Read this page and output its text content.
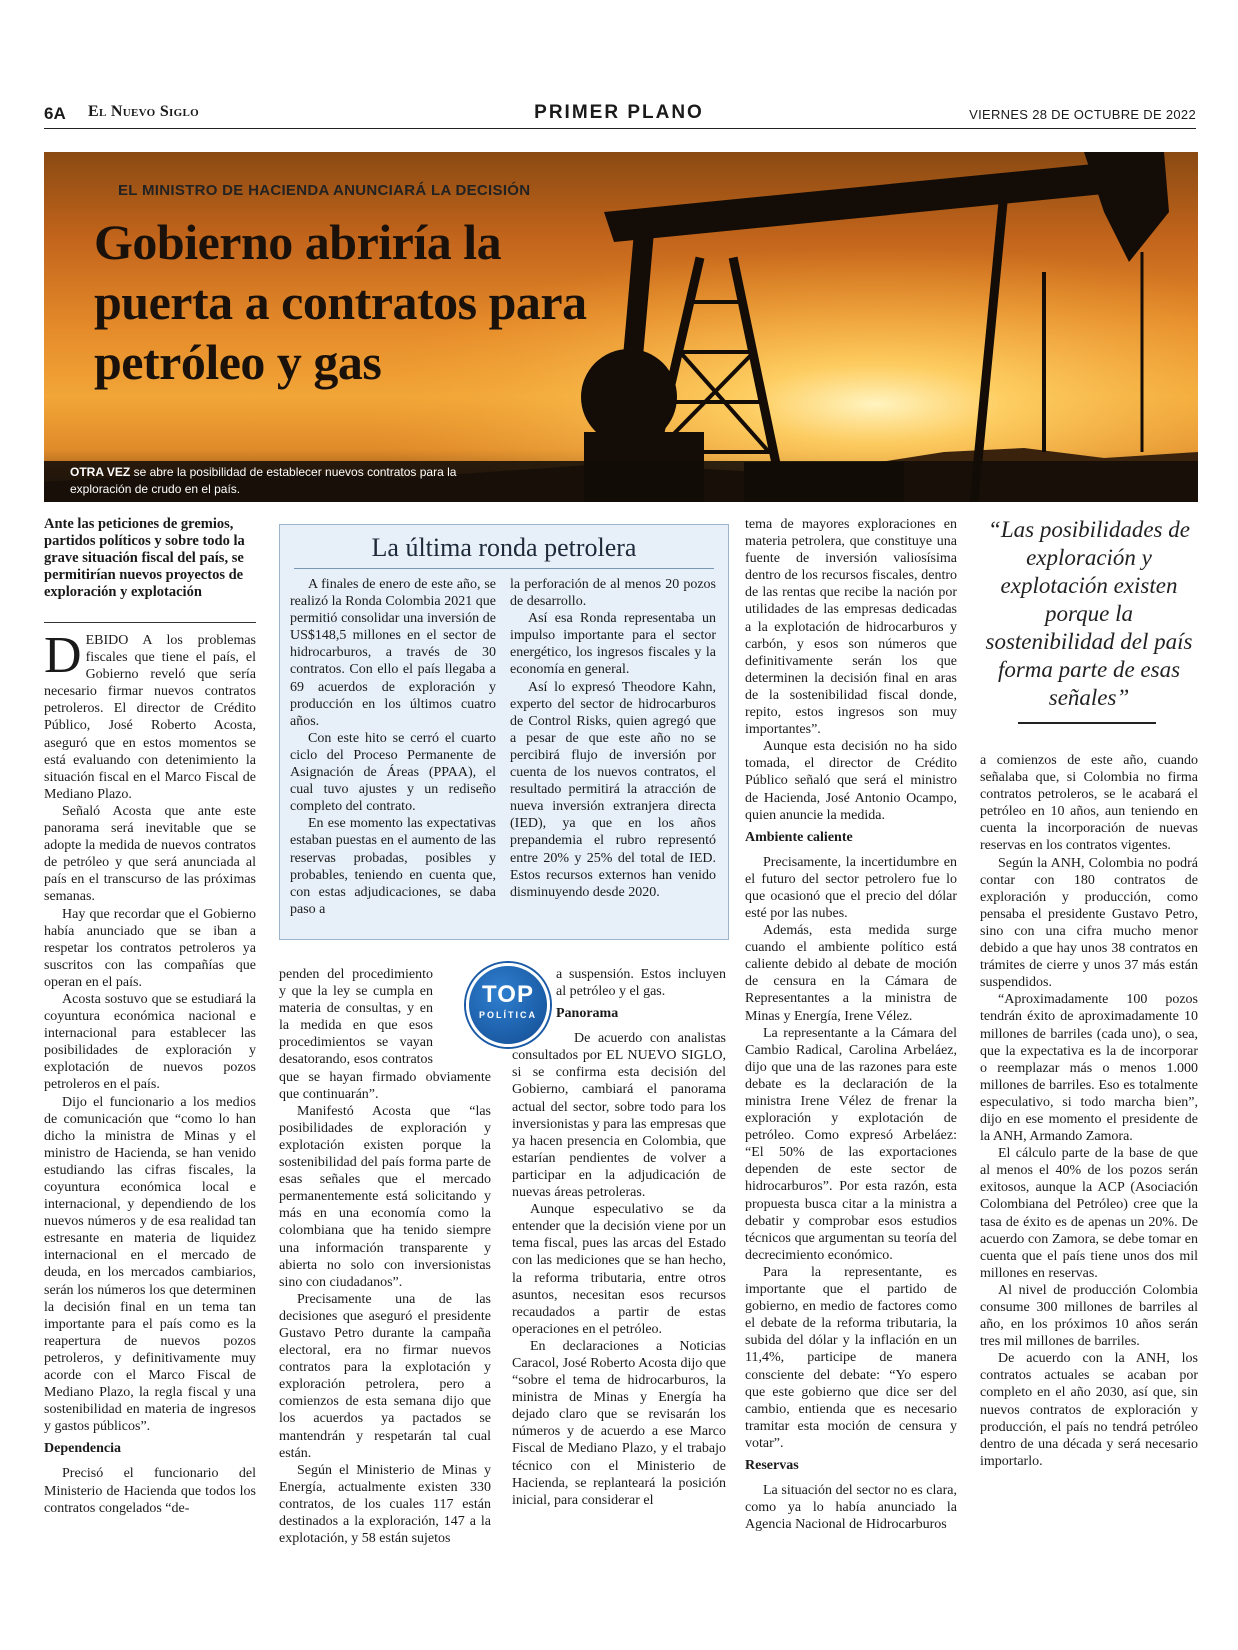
6A El Nuevo Siglo	PRIMER PLANO	VIERNES 28 DE OCTUBRE DE 2022
EL MINISTRO DE HACIENDA ANUNCIARÁ LA DECISIÓN
Gobierno abriría la puerta a contratos para petróleo y gas
OTRA VEZ se abre la posibilidad de establecer nuevos contratos para la exploración de crudo en el país.
Ante las peticiones de gremios, partidos políticos y sobre todo la grave situación fiscal del país, se permitirían nuevos proyectos de exploración y explotación

DEBIDO A los problemas fiscales que tiene el país, el Gobierno reveló que sería necesario firmar nuevos contratos petroleros. El director de Crédito Público, José Roberto Acosta, aseguró que en estos momentos se está evaluando con detenimiento la situación fiscal en el Marco Fiscal de Mediano Plazo.

Señaló Acosta que ante este panorama será inevitable que se adopte la medida de nuevos contratos de petróleo y que será anunciada al país en el transcurso de las próximas semanas.

Hay que recordar que el Gobierno había anunciado que se iban a respetar los contratos petroleros ya suscritos con las compañías que operan en el país.

Acosta sostuvo que se estudiará la coyuntura económica nacional e internacional para establecer las posibilidades de exploración y explotación de nuevos pozos petroleros en el país.

Dijo el funcionario a los medios de comunicación que “como lo han dicho la ministra de Minas y el ministro de Hacienda, se han venido estudiando las cifras fiscales, la coyuntura económica local e internacional, y dependiendo de los nuevos números y de esa realidad tan estresante en materia de liquidez internacional en el mercado de deuda, en los mercados cambiarios, serán los números los que determinen la decisión final en un tema tan importante para el país como es la reapertura de nuevos pozos petroleros, y definitivamente muy acorde con el Marco Fiscal de Mediano Plazo, la regla fiscal y una sostenibilidad en materia de ingresos y gastos públicos”.

Dependencia

Precisó el funcionario del Ministerio de Hacienda que todos los contratos congelados “de-

La última ronda petrolera

A finales de enero de este año, se realizó la Ronda Colombia 2021 que permitió consolidar una inversión de US$148,5 millones en el sector de hidrocarburos, a través de 30 contratos. Con ello el país llegaba a 69 acuerdos de exploración y producción en los últimos cuatro años.

Con este hito se cerró el cuarto ciclo del Proceso Permanente de Asignación de Áreas (PPAA), el cual tuvo ajustes y un rediseño completo del contrato.

En ese momento las expectativas estaban puestas en el aumento de las reservas probadas, posibles y probables, teniendo en cuenta que, con estas adjudicaciones, se daba paso a

la perforación de al menos 20 pozos de desarrollo.

Así esa Ronda representaba un impulso importante para el sector energético, los ingresos fiscales y la economía en general.

Así lo expresó Theodore Kahn, experto del sector de hidrocarburos de Control Risks, quien agregó que a pesar de que este año no se percibirá flujo de inversión por cuenta de los nuevos contratos, el resultado permitirá la atracción de nueva inversión extranjera directa (IED), ya que en los años prepandemia el rubro representó entre 20% y 25% del total de IED. Estos recursos externos han venido disminuyendo desde 2020.

penden del procedimiento y que la ley se cumpla en materia de consultas, y en la medida en que esos procedimientos se vayan desatorando, esos contratos que se hayan firmado obviamente que continuarán”.

Manifestó Acosta que “las posibilidades de exploración y explotación existen porque la sostenibilidad del país forma parte de esas señales que el mercado permanentemente está solicitando y más en una economía como la colombiana que ha tenido siempre una información transparente y abierta no solo con inversionistas sino con ciudadanos”.

Precisamente una de las decisiones que aseguró el presidente Gustavo Petro durante la campaña electoral, era no firmar nuevos contratos para la explotación y exploración petrolera, pero a comienzos de esta semana dijo que los acuerdos ya pactados se mantendrán y respetarán tal cual están.

Según el Ministerio de Minas y Energía, actualmente existen 330 contratos, de los cuales 117 están destinados a la exploración, 147 a la explotación, y 58 están sujetos

TOP
POLÍTICA

a suspensión. Estos incluyen al petróleo y el gas.

Panorama

De acuerdo con analistas consultados por EL NUEVO SIGLO, si se confirma esta decisión del Gobierno, cambiará el panorama actual del sector, sobre todo para los inversionistas y para las empresas que ya hacen presencia en Colombia, que estarían pendientes de volver a participar en la adjudicación de nuevas áreas petroleras.

Aunque especulativo se da entender que la decisión viene por un tema fiscal, pues las arcas del Estado con las mediciones que se han hecho, la reforma tributaria, entre otros asuntos, necesitan esos recursos recaudados a partir de estas operaciones en el petróleo.

En declaraciones a Noticias Caracol, José Roberto Acosta dijo que “sobre el tema de hidrocarburos, la ministra de Minas y Energía ha dejado claro que se revisarán los números y de acuerdo a ese Marco Fiscal de Mediano Plazo, y el trabajo técnico con el Ministerio de Hacienda, se replanteará la posición inicial, para considerar el

tema de mayores exploraciones en materia petrolera, que constituye una fuente de inversión valiosísima dentro de los recursos fiscales, dentro de las rentas que recibe la nación por utilidades de las empresas dedicadas a la explotación de hidrocarburos y carbón, y esos son números que definitivamente serán los que determinen la decisión final en aras de la sostenibilidad fiscal donde, repito, estos ingresos son muy importantes”.

Aunque esta decisión no ha sido tomada, el director de Crédito Público señaló que será el ministro de Hacienda, José Antonio Ocampo, quien anuncie la medida.

Ambiente caliente

Precisamente, la incertidumbre en el futuro del sector petrolero fue lo que ocasionó que el precio del dólar esté por las nubes.

Además, esta medida surge cuando el ambiente político está caliente debido al debate de moción de censura en la Cámara de Representantes a la ministra de Minas y Energía, Irene Vélez.

La representante a la Cámara del Cambio Radical, Carolina Arbeláez, dijo que una de las razones para este debate es la declaración de la ministra Irene Vélez de frenar la exploración y explotación de petróleo. Como expresó Arbeláez: “El 50% de las exportaciones dependen de este sector de hidrocarburos”. Por esta razón, esta propuesta busca citar a la ministra a debatir y comprobar esos estudios técnicos que argumentan su teoría del decrecimiento económico.

Para la representante, es importante que el partido de gobierno, en medio de factores como el debate de la reforma tributaria, la subida del dólar y la inflación en un 11,4%, participe de manera consciente del debate: “Yo espero que este gobierno que dice ser del cambio, entienda que es necesario tramitar esta moción de censura y votar”.

Reservas

La situación del sector no es clara, como ya lo había anunciado la Agencia Nacional de Hidrocarburos

“Las posibilidades de exploración y explotación existen porque la sostenibilidad del país forma parte de esas señales”

a comienzos de este año, cuando señalaba que, si Colombia no firma contratos petroleros, se le acabará el petróleo en 10 años, aun teniendo en cuenta la incorporación de nuevas reservas en los contratos vigentes.

Según la ANH, Colombia no podrá contar con 180 contratos de exploración y producción, como pensaba el presidente Gustavo Petro, sino con una cifra mucho menor debido a que hay unos 38 contratos en trámites de cierre y unos 37 más están suspendidos.

“Aproximadamente 100 pozos tendrán éxito de aproximadamente 10 millones de barriles (cada uno), o sea, que la expectativa es la de incorporar o reemplazar más o menos 1.000 millones de barriles. Eso es totalmente especulativo, si todo marcha bien”, dijo en ese momento el presidente de la ANH, Armando Zamora.

El cálculo parte de la base de que al menos el 40% de los pozos serán exitosos, aunque la ACP (Asociación Colombiana del Petróleo) cree que la tasa de éxito es de apenas un 20%. De acuerdo con Zamora, se debe tomar en cuenta que el país tiene unos dos mil millones en reservas.

Al nivel de producción Colombia consume 300 millones de barriles al año, en los próximos 10 años serán tres mil millones de barriles.

De acuerdo con la ANH, los contratos actuales se acaban por completo en el año 2030, así que, sin nuevos contratos de exploración y producción, el país no tendrá petróleo dentro de una década y será necesario importarlo.
